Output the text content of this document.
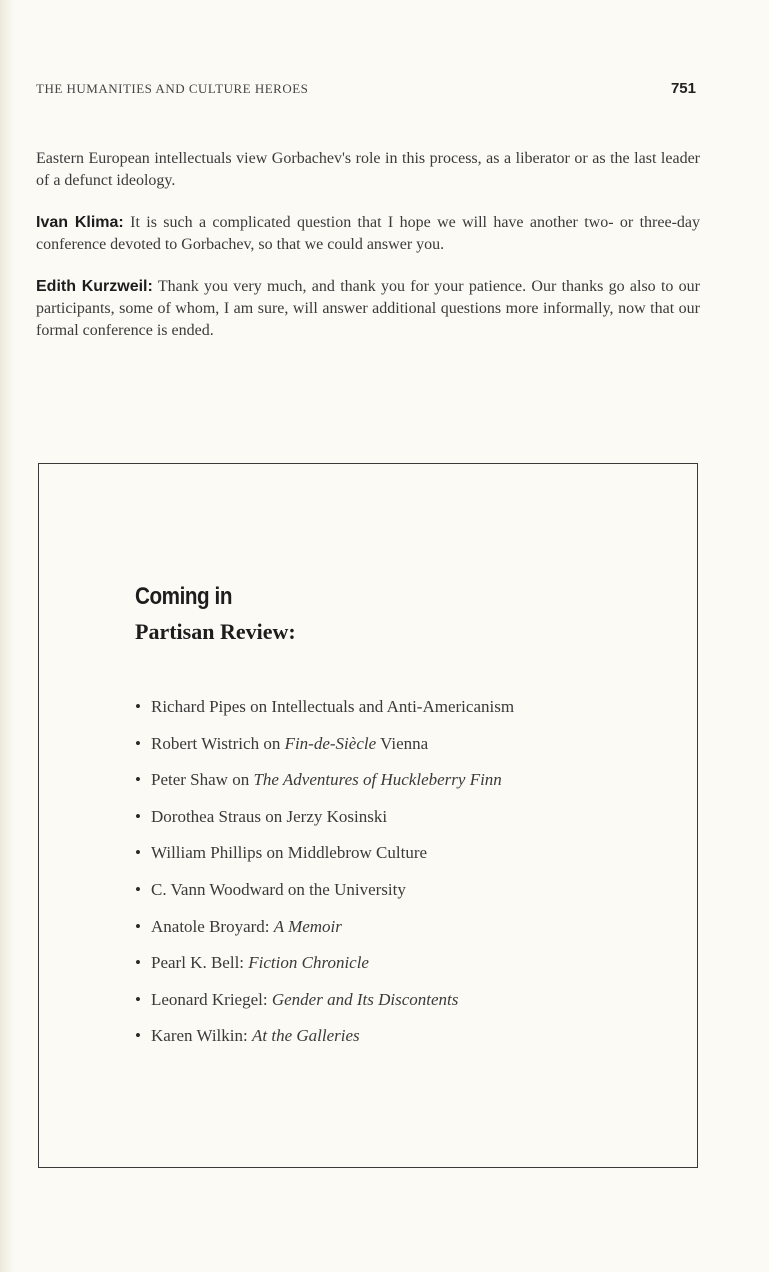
THE HUMANITIES AND CULTURE HEROES	751

Eastern European intellectuals view Gorbachev's role in this process, as a liberator or as the last leader of a defunct ideology.

Ivan Klima: It is such a complicated question that I hope we will have another two- or three-day conference devoted to Gorbachev, so that we could answer you.

Edith Kurzweil: Thank you very much, and thank you for your patience. Our thanks go also to our participants, some of whom, I am sure, will answer additional questions more informally, now that our formal conference is ended.

Coming in
Partisan Review:
• Richard Pipes on Intellectuals and Anti-Americanism
• Robert Wistrich on Fin-de-Siècle Vienna
• Peter Shaw on The Adventures of Huckleberry Finn
• Dorothea Straus on Jerzy Kosinski
• William Phillips on Middlebrow Culture
• C. Vann Woodward on the University
• Anatole Broyard: A Memoir
• Pearl K. Bell: Fiction Chronicle
• Leonard Kriegel: Gender and Its Discontents
• Karen Wilkin: At the Galleries
